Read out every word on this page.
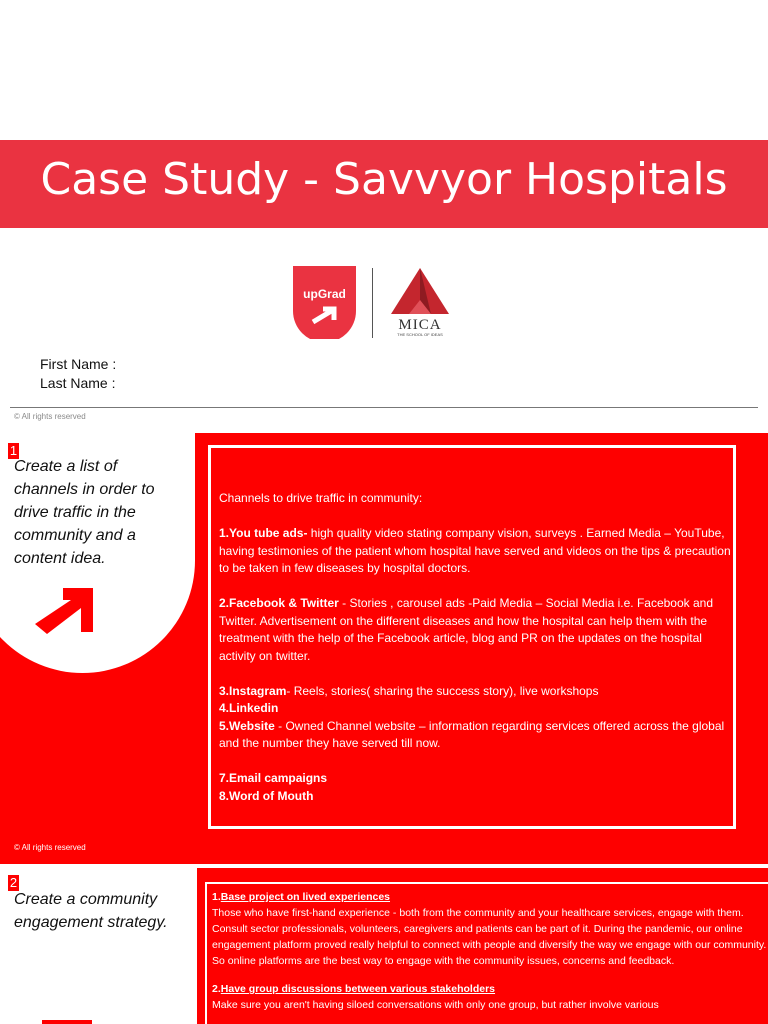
Case Study - Savvyor Hospitals
upGrad
MICA
THE SCHOOL OF IDEAS
First Name :
Last Name :
© All rights reserved
1
Create a list of channels in order to drive traffic in the community and a content idea.

Channels to drive traffic in community:

1.You tube ads- high quality video stating company vision, surveys . Earned Media – YouTube, having testimonies of the patient whom hospital have served and videos on the tips & precaution to be taken in few diseases by hospital doctors.

2.Facebook & Twitter - Stories , carousel ads -Paid Media – Social Media i.e. Facebook and Twitter. Advertisement on the different diseases and how the hospital can help them with the treatment with the help of the Facebook article, blog and PR on the updates on the hospital activity on twitter.

3.Instagram- Reels, stories( sharing the success story), live workshops

4.Linkedin

5.Website - Owned Channel website – information regarding services offered across the global and the number they have served till now.

7.Email campaigns

8.Word of Mouth

© All rights reserved
2
Create a community engagement strategy.

1.Base project on lived experiences

Those who have first-hand experience - both from the community and your healthcare services, engage with them. Consult sector professionals, volunteers, caregivers and patients can be part of it. During the pandemic, our online engagement platform proved really helpful to connect with people and diversify the way we engage with our community. So online platforms are the best way to engage with the community issues, concerns and feedback.

2.Have group discussions between various stakeholders

Make sure you aren't having siloed conversations with only one group, but rather involve various
